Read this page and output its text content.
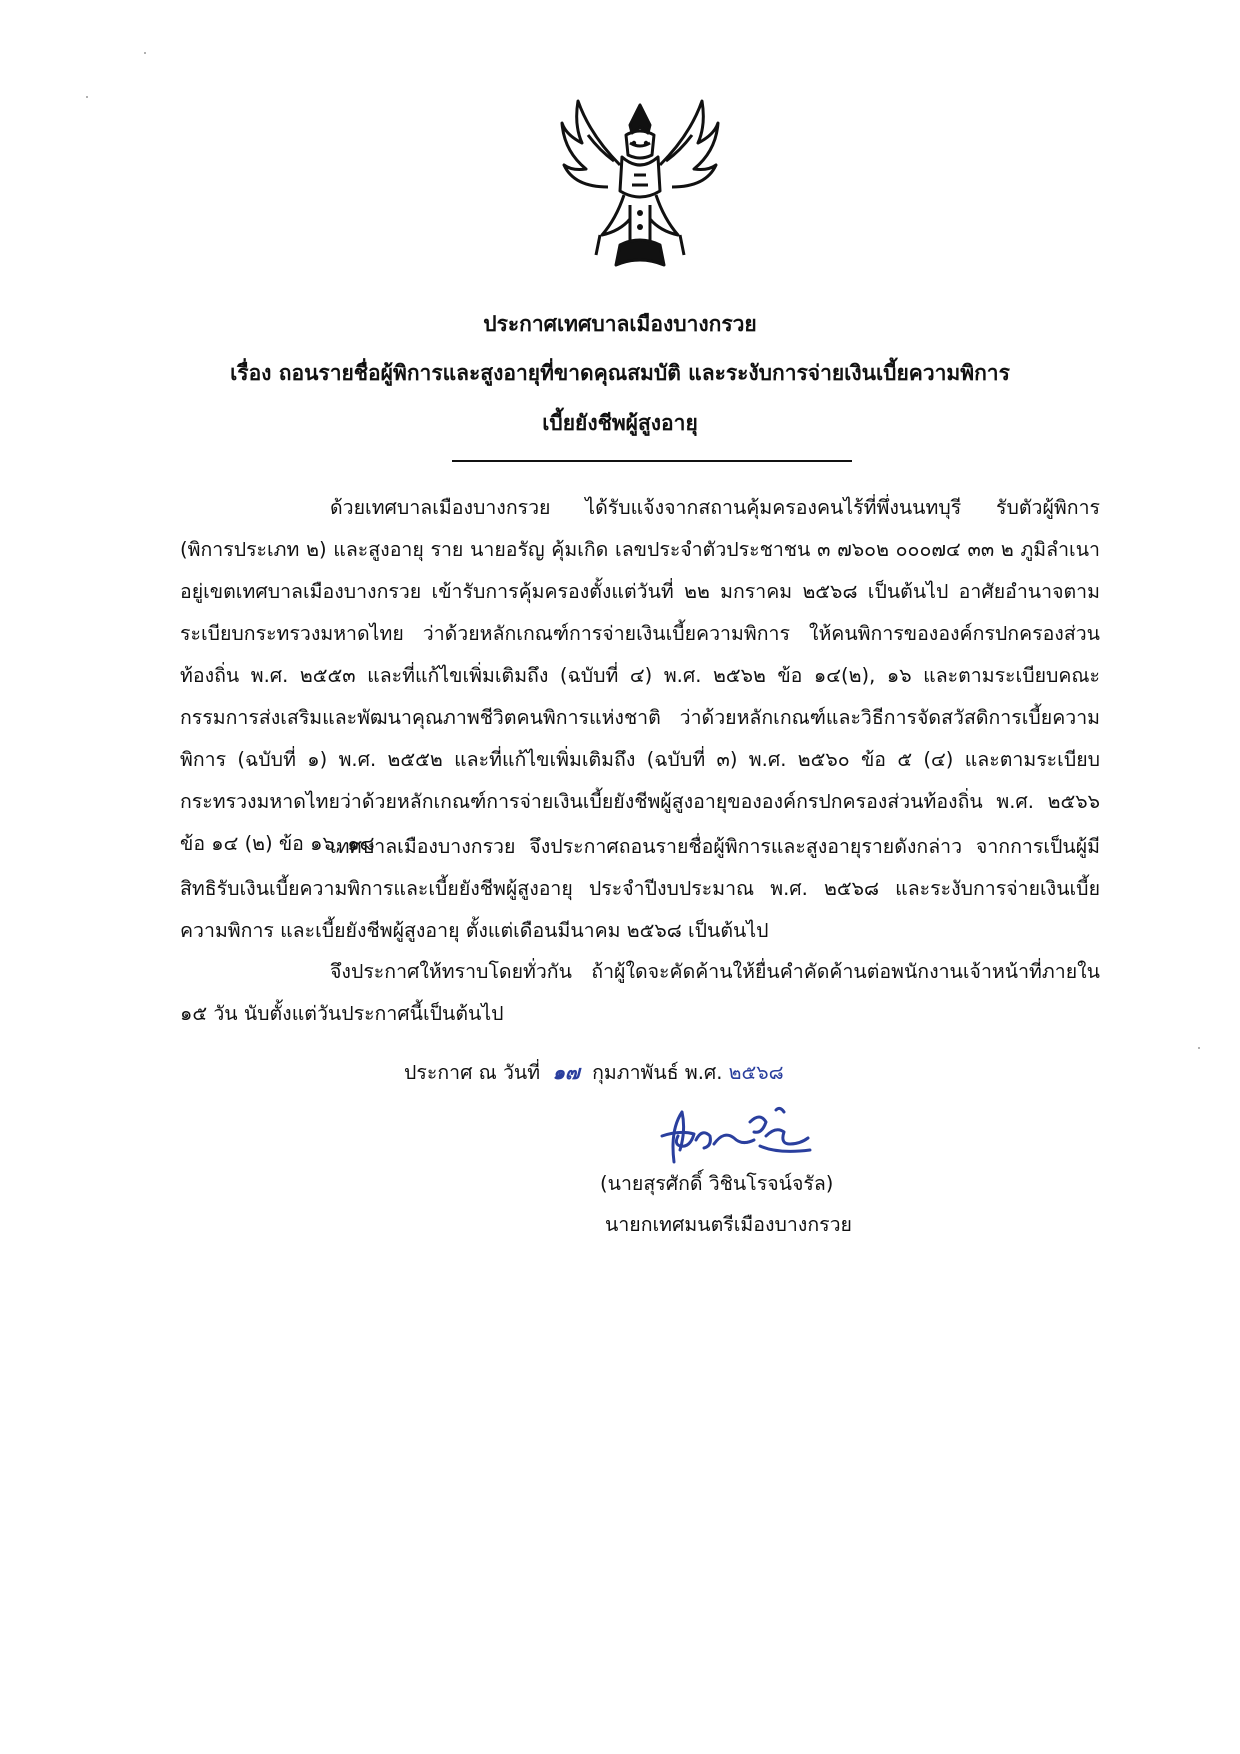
ประกาศเทศบาลเมืองบางกรวย
เรื่อง ถอนรายชื่อผู้พิการและสูงอายุที่ขาดคุณสมบัติ และระงับการจ่ายเงินเบี้ยความพิการ
เบี้ยยังชีพผู้สูงอายุ

ด้วยเทศบาลเมืองบางกรวย ได้รับแจ้งจากสถานคุ้มครองคนไร้ที่พึ่งนนทบุรี รับตัวผู้พิการ (พิการประเภท ๒) และสูงอายุ ราย นายอรัญ คุ้มเกิด เลขประจำตัวประชาชน ๓ ๗๖๐๒ ๐๐๐๗๔ ๓๓ ๒ ภูมิลำเนาอยู่เขตเทศบาลเมืองบางกรวย เข้ารับการคุ้มครองตั้งแต่วันที่ ๒๒ มกราคม ๒๕๖๘ เป็นต้นไป อาศัยอำนาจตามระเบียบกระทรวงมหาดไทย ว่าด้วยหลักเกณฑ์การจ่ายเงินเบี้ยความพิการ ให้คนพิการขององค์กรปกครองส่วนท้องถิ่น พ.ศ. ๒๕๕๓ และที่แก้ไขเพิ่มเติมถึง (ฉบับที่ ๔) พ.ศ. ๒๕๖๒ ข้อ ๑๔(๒), ๑๖ และตามระเบียบคณะกรรมการส่งเสริมและพัฒนาคุณภาพชีวิตคนพิการแห่งชาติ ว่าด้วยหลักเกณฑ์และวิธีการจัดสวัสดิการเบี้ยความพิการ (ฉบับที่ ๑) พ.ศ. ๒๕๕๒ และที่แก้ไขเพิ่มเติมถึง (ฉบับที่ ๓) พ.ศ. ๒๕๖๐ ข้อ ๕ (๔) และตามระเบียบกระทรวงมหาดไทยว่าด้วยหลักเกณฑ์การจ่ายเงินเบี้ยยังชีพผู้สูงอายุขององค์กรปกครองส่วนท้องถิ่น พ.ศ. ๒๕๖๖ ข้อ ๑๔ (๒) ข้อ ๑๖, ๑๘

เทศบาลเมืองบางกรวย จึงประกาศถอนรายชื่อผู้พิการและสูงอายุรายดังกล่าว จากการเป็นผู้มีสิทธิรับเงินเบี้ยความพิการและเบี้ยยังชีพผู้สูงอายุ ประจำปีงบประมาณ พ.ศ. ๒๕๖๘ และระงับการจ่ายเงินเบี้ยความพิการ และเบี้ยยังชีพผู้สูงอายุ ตั้งแต่เดือนมีนาคม ๒๕๖๘ เป็นต้นไป

จึงประกาศให้ทราบโดยทั่วกัน ถ้าผู้ใดจะคัดค้านให้ยื่นคำคัดค้านต่อพนักงานเจ้าหน้าที่ภายใน ๑๕ วัน นับตั้งแต่วันประกาศนี้เป็นต้นไป

ประกาศ ณ วันที่ ๑๗ กุมภาพันธ์ พ.ศ. ๒๕๖๘
(นายสุรศักดิ์ วิชินโรจน์จรัล)
นายกเทศมนตรีเมืองบางกรวย
